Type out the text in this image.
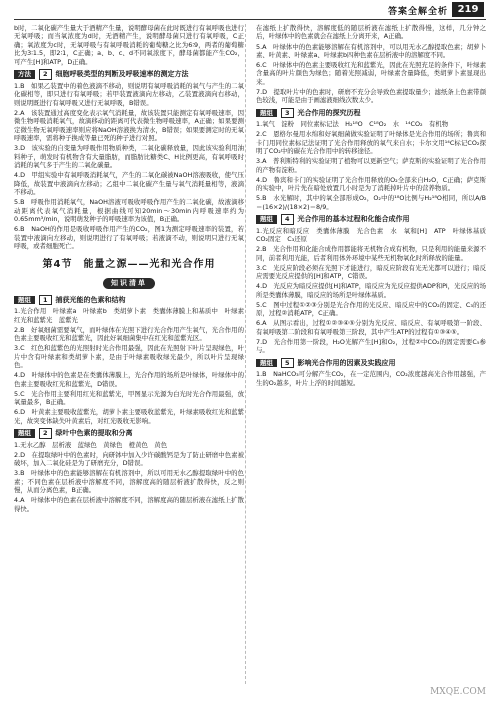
答案全解全析 219

b时，二氧化碳产生量大于酒精产生量，说明酵母菌在此时既进行有氧呼吸也进行无氧呼吸；而当氧浓度为d时，无酒精产生，说明酵母菌只进行有氧呼吸，C正确；氧浓度为c时，无氧呼吸与有氧呼吸消耗的葡萄糖之比为6∶9，两者的葡萄糖比为3∶1.5，即2∶1，C正确；a、b、c、d不同氧浓度下，酵母菌都能产生CO₂，可产生[H]和ATP，D正确。

方法	2	细胞呼吸类型的判断及呼吸速率的测定方法

1.B　如果乙装置中的着色液滴不移动，则说明有氧呼吸消耗的氧气与产生的二氧化碳相等，即只进行有氧呼吸；若甲装置液滴向左移动，乙装置液滴向右移动，则说明既进行有氧呼吸又进行无氧呼吸，B错误。

2.A　该装置通过高度变化表示氧气消耗量，故该装置只能测定有氧呼吸速率，因微生物呼吸消耗氧气，故滴移动的距离可代表微生物呼吸速率，A正确；如果要测定微生物无氧呼吸速率则应将NaOH溶液换为清水，B错误；如果要测定时的无氧呼吸速率，需将种子换成等量已死的种子进行对照。

3.D　该实验的自变量为呼吸作用物质种类，二氧化碳释放量，因此该实验利用油料种子，萌发时有机物含有大量脂肪，而脂肪比糖类C、H比例更高，有氧呼吸时消耗的氧气多于产生的二氧化碳量。

4.D　甲组实验中有氧呼吸消耗氧气，产生的二氧化碳被NaOH溶液吸收，使气压降低，故装置中液滴向左移动；乙组中二氧化碳产生量与氧气消耗量相等，液滴不移动。

5.B　呼吸作用消耗氧气，NaOH溶液可吸收呼吸作用产生的二氧化碳，故液滴移动距离代表氧气消耗量，根据曲线可知20min～30min内呼吸速率约为0.65mm³/min，说明萌发种子的呼吸速率为该值，B正确。

6.B　NaOH的作用是吸收呼吸作用产生的CO₂，图1为测定呼吸速率的装置，若装置中液滴向左移动，则说明进行了有氧呼吸；若液滴不动，则说明只进行无氧呼吸，或者细胞死亡。

第4节　能量之源——光和光合作用
知识清单
题组	1	捕获光能的色素和结构

1.光合作用　叶绿素a　叶绿素b　类胡萝卜素　类囊体薄膜上和基质中　叶绿素　红光和蓝紫光　蓝紫光

2.B　好氧细菌需要氧气，而叶绿体在光照下进行光合作用产生氧气，光合作用的色素主要吸收红光和蓝紫光，因此好氧细菌集中在红光和蓝紫光区。

3.C　红色和蓝紫色的光照射时光合作用最强，因此在光照射下叶片呈现绿色，叶片中含有叶绿素和类胡萝卜素，是由于叶绿素吸收绿光最少，所以叶片呈现绿色。

4.D　叶绿体中的色素是在类囊体薄膜上，光合作用的场所是叶绿体，叶绿体中的色素主要吸收红光和蓝紫光，D错误。

5.C　光合作用主要利用红光和蓝紫光，甲图显示光源为白光时光合作用最强，放氧量最多，B正确。

6.D　叶黄素主要吸收蓝紫光，胡萝卜素主要吸收蓝紫光，叶绿素吸收红光和蓝紫光，故突变体缺失叶黄素后，对红光吸收无影响。

题组	2	绿叶中色素的提取和分离

1.无水乙醇　层析液　蓝绿色　黄绿色　橙黄色　黄色

2.D　在提取绿叶中的色素时，向研钵中加入少许碳酸钙是为了防止研磨中色素被破坏，加入二氧化硅是为了研磨充分，D错误。

3.B　叶绿体中的色素能够溶解在有机溶剂中，所以可用无水乙醇提取绿叶中的色素；不同色素在层析液中溶解度不同，溶解度高的随层析液扩散得快，反之则慢，从而分离色素，B正确。

4.A　叶绿体中的色素在层析液中溶解度不同，溶解度高的随层析液在滤纸上扩散得快。

在滤纸上扩散得快，溶解度低的随层析液在滤纸上扩散得慢，这样，几分钟之后，叶绿体中的色素就会在滤纸上分离开来，A正确。

5.A　叶绿体中的色素能够溶解在有机溶剂中，可以用无水乙醇提取色素；胡萝卜素、叶黄素、叶绿素a、叶绿素b四种色素在层析液中的溶解度不同。

6.C　叶绿体中的色素主要吸收红光和蓝紫光，因此在光照充足的条件下，叶绿素含量高的叶片颜色为绿色；随着光照减弱，叶绿素含量降低，类胡萝卜素显现出来。

7.D　提取叶片中的色素时，研磨不充分会导致色素提取量少；滤纸条上色素带颜色较浅，可能是由于画滤液细线次数太少。

题组	3	光合作用的探究历程

1.氧气　淀粉　同位素标记法　H₂¹⁸O　C¹⁸O₂　水　¹⁴CO₂　有机物

2.C　恩格尔曼用水绵和好氧细菌做实验证明了叶绿体是光合作用的场所；鲁宾和卡门用同位素标记法证明了光合作用释放的氧气来自水；卡尔文用¹⁴C标记CO₂探明了CO₂中的碳在光合作用中的转移途径。

3.A　普利斯特利的实验证明了植物可以更新空气；萨克斯的实验证明了光合作用的产物有淀粉。

4.D　鲁宾和卡门的实验证明了光合作用释放的O₂全部来自H₂O，C正确；萨克斯的实验中，叶片先在暗处放置几小时是为了消耗掉叶片中的营养物质。

5.B　水光解时，其中的氧全部形成O₂，O₂中的¹⁸O比例与H₂¹⁸O相同，所以A/B＝(16×2)/(18×2)＝8/9。

题组	4	光合作用的基本过程和化能合成作用

1.光反应和暗反应　类囊体薄膜　光合色素　水　氧和[H]　ATP　叶绿体基质　CO₂固定　C₃还原

2.B　光合作用和化能合成作用都能将无机物合成有机物，只是利用的能量来源不同，前者利用光能，后者利用体外环境中某些无机物氧化时所释放的能量。

3.C　光反应阶段必须在光照下才能进行，暗反应阶段有光无光都可以进行；暗反应需要光反应提供的[H]和ATP，C错误。

4.D　光反应为暗反应提供[H]和ATP，暗反应为光反应提供ADP和Pi，光反应的场所是类囊体薄膜，暗反应的场所是叶绿体基质。

5.C　图中过程①②③分别是光合作用的光反应、暗反应中的CO₂的固定、C₃的还原，过程②消耗ATP，C正确。

6.A　从图示看出，过程①②③④⑤分别为光反应、暗反应、有氧呼吸第一阶段、有氧呼吸第二阶段和有氧呼吸第三阶段，其中产生ATP的过程有①③④⑤。

7.D　光合作用第一阶段，H₂O光解产生[H]和O₂，过程②中CO₂的固定需要C₅参与。

题组	5	影响光合作用的因素及实践应用

1.B　NaHCO₃可分解产生CO₂，在一定范围内，CO₂浓度越高光合作用越强，产生的O₂越多，叶片上浮的时间越短。

MXQE.COM
